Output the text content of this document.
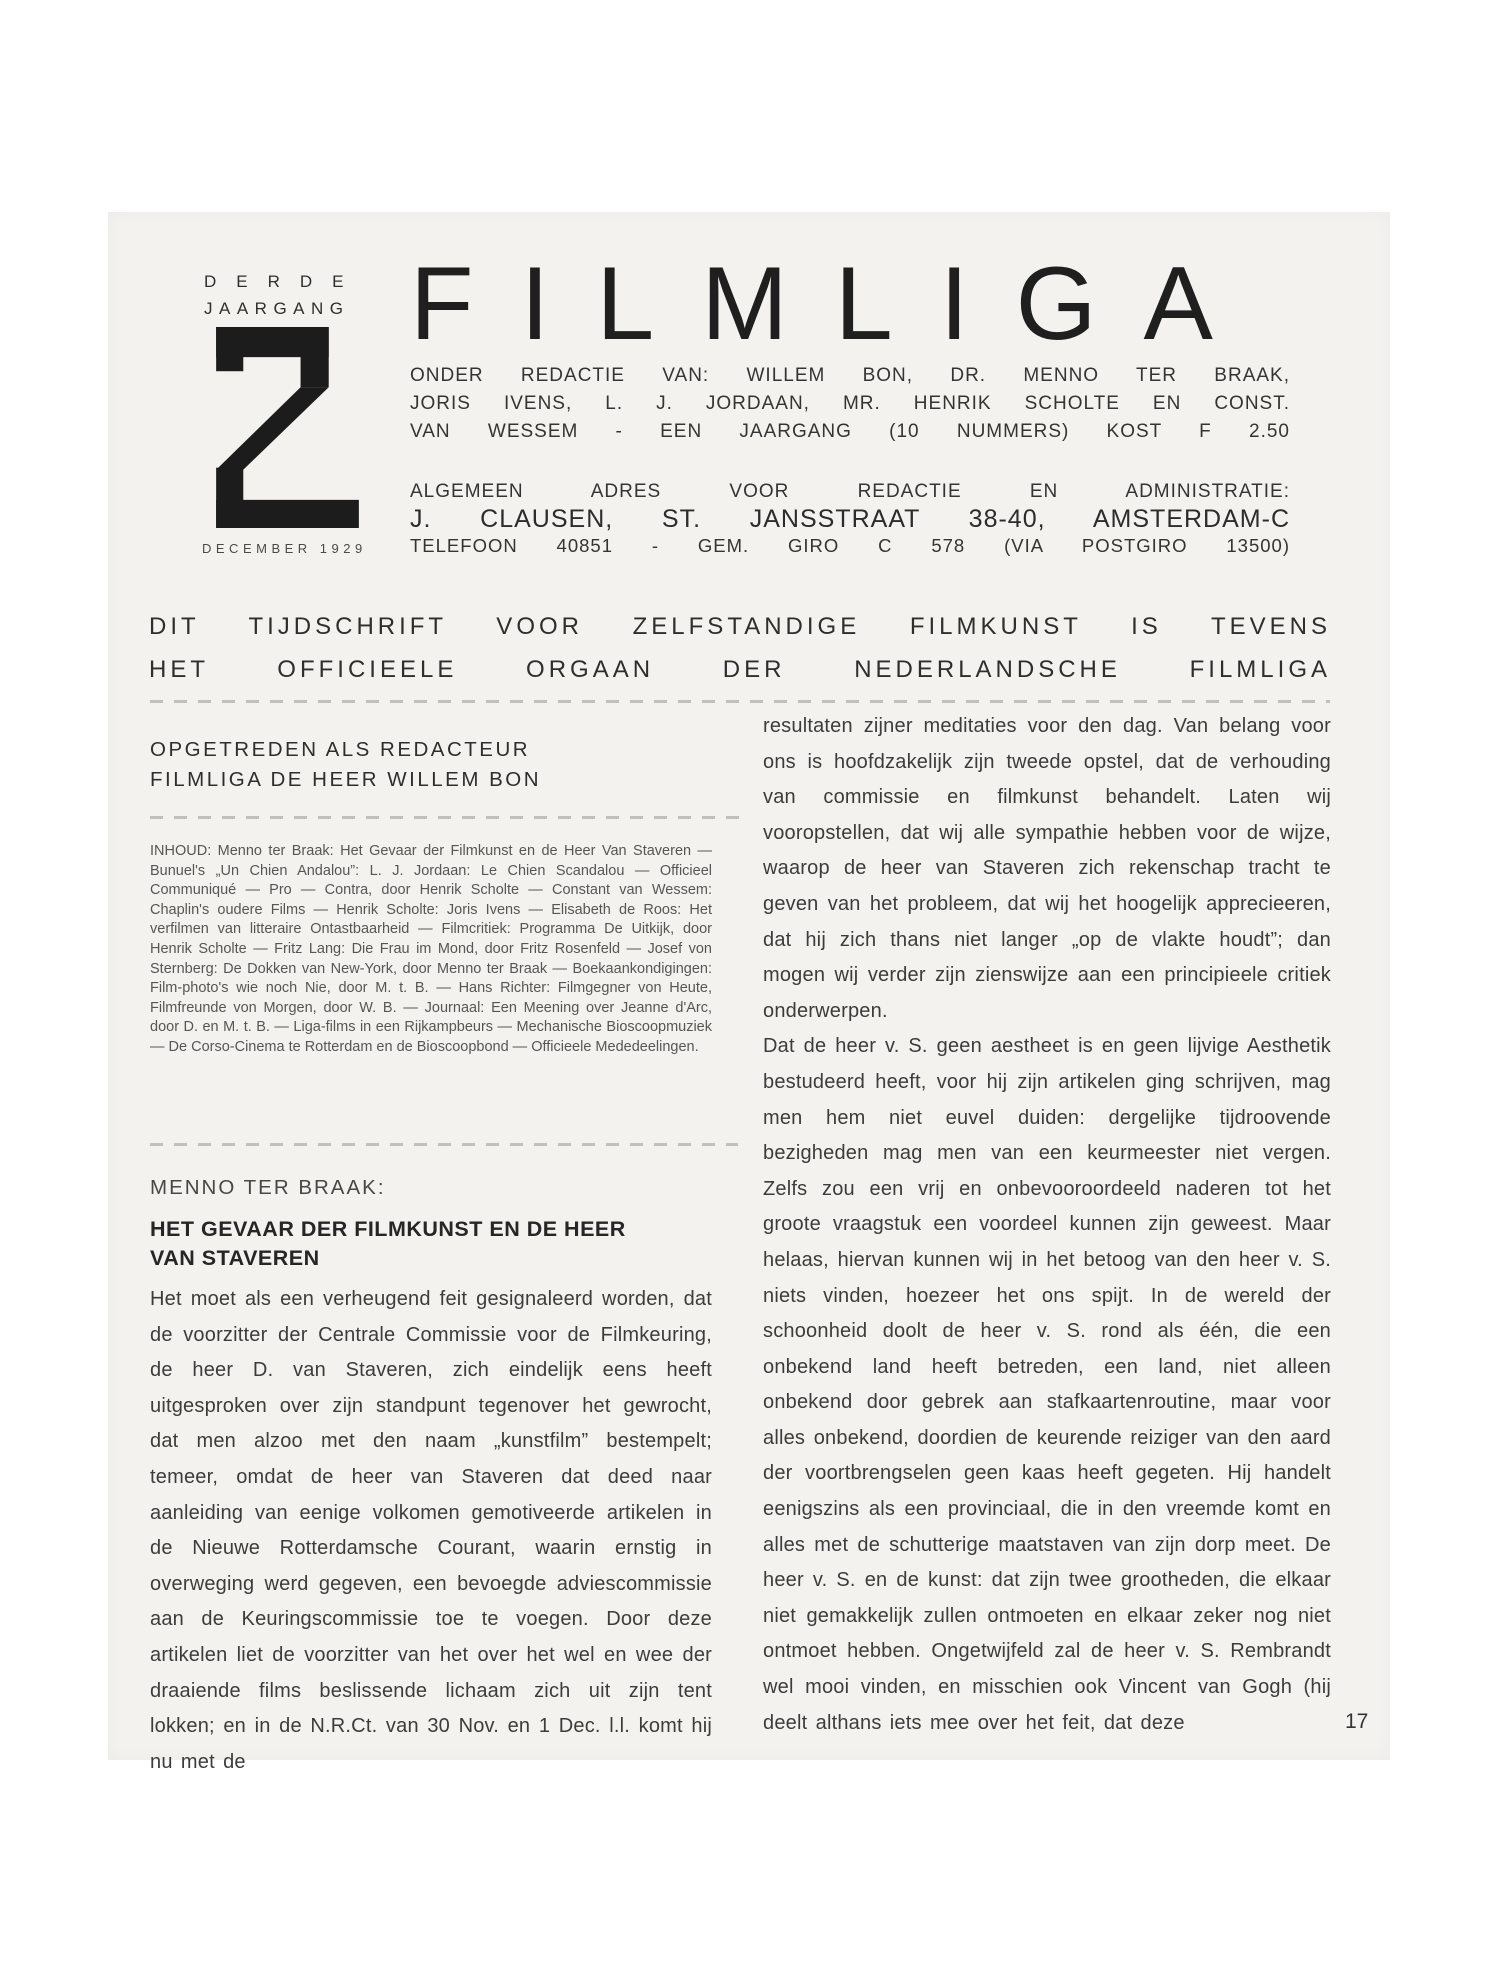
DERDE
JAARGANG
DECEMBER 1929
FILMLIGA
ONDER REDACTIE VAN: WILLEM BON, DR. MENNO TER BRAAK,
JORIS IVENS, L. J. JORDAAN, MR. HENRIK SCHOLTE EN CONST.
VAN WESSEM - EEN JAARGANG (10 NUMMERS) KOST F 2.50
ALGEMEEN ADRES VOOR REDACTIE EN ADMINISTRATIE:
J. CLAUSEN, ST. JANSSTRAAT 38-40, AMSTERDAM-C
TELEFOON 40851 - GEM. GIRO C 578 (VIA POSTGIRO 13500)
DIT TIJDSCHRIFT VOOR ZELFSTANDIGE FILMKUNST IS TEVENS
HET OFFICIEELE ORGAAN DER NEDERLANDSCHE FILMLIGA
OPGETREDEN ALS REDACTEUR
FILMLIGA DE HEER WILLEM BON
INHOUD: Menno ter Braak: Het Gevaar der Filmkunst en de Heer Van Staveren — Bunuel's „Un Chien Andalou”: L. J. Jordaan: Le Chien Scandalou — Officieel Communiqué — Pro — Contra, door Henrik Scholte — Constant van Wessem: Chaplin's oudere Films — Henrik Scholte: Joris Ivens — Elisabeth de Roos: Het verfilmen van litteraire Ontastbaarheid — Filmcritiek: Programma De Uitkijk, door Henrik Scholte — Fritz Lang: Die Frau im Mond, door Fritz Rosenfeld — Josef von Sternberg: De Dokken van New-York, door Menno ter Braak — Boekaankondigingen: Film-photo's wie noch Nie, door M. t. B. — Hans Richter: Filmgegner von Heute, Filmfreunde von Morgen, door W. B. — Journaal: Een Meening over Jeanne d'Arc, door D. en M. t. B. — Liga-films in een Rijkampbeurs — Mechanische Bioscoopmuziek — De Corso-Cinema te Rotterdam en de Bioscoopbond — Officieele Mededeelingen.
MENNO TER BRAAK:
HET GEVAAR DER FILMKUNST EN DE HEER
VAN STAVEREN
Het moet als een verheugend feit gesignaleerd worden, dat de voorzitter der Centrale Commissie voor de Filmkeuring, de heer D. van Staveren, zich eindelijk eens heeft uitgesproken over zijn standpunt tegenover het gewrocht, dat men alzoo met den naam „kunstfilm” bestempelt; temeer, omdat de heer van Staveren dat deed naar aanleiding van eenige volkomen gemotiveerde artikelen in de Nieuwe Rotterdamsche Courant, waarin ernstig in overweging werd gegeven, een bevoegde adviescommissie aan de Keuringscommissie toe te voegen. Door deze artikelen liet de voorzitter van het over het wel en wee der draaiende films beslissende lichaam zich uit zijn tent lokken; en in de N.R.Ct. van 30 Nov. en 1 Dec. l.l. komt hij nu met de

resultaten zijner meditaties voor den dag. Van belang voor ons is hoofdzakelijk zijn tweede opstel, dat de verhouding van commissie en filmkunst behandelt. Laten wij vooropstellen, dat wij alle sympathie hebben voor de wijze, waarop de heer van Staveren zich rekenschap tracht te geven van het probleem, dat wij het hoogelijk apprecieeren, dat hij zich thans niet langer „op de vlakte houdt”; dan mogen wij verder zijn zienswijze aan een principieele critiek onderwerpen.

Dat de heer v. S. geen aestheet is en geen lijvige Aesthetik bestudeerd heeft, voor hij zijn artikelen ging schrijven, mag men hem niet euvel duiden: dergelijke tijdroovende bezigheden mag men van een keurmeester niet vergen. Zelfs zou een vrij en onbevooroordeeld naderen tot het groote vraagstuk een voordeel kunnen zijn geweest. Maar helaas, hiervan kunnen wij in het betoog van den heer v. S. niets vinden, hoezeer het ons spijt. In de wereld der schoonheid doolt de heer v. S. rond als één, die een onbekend land heeft betreden, een land, niet alleen onbekend door gebrek aan stafkaartenroutine, maar voor alles onbekend, doordien de keurende reiziger van den aard der voortbrengselen geen kaas heeft gegeten. Hij handelt eenigszins als een provinciaal, die in den vreemde komt en alles met de schutterige maatstaven van zijn dorp meet. De heer v. S. en de kunst: dat zijn twee grootheden, die elkaar niet gemakkelijk zullen ontmoeten en elkaar zeker nog niet ontmoet hebben. Ongetwijfeld zal de heer v. S. Rembrandt wel mooi vinden, en misschien ook Vincent van Gogh (hij deelt althans iets mee over het feit, dat deze	17
